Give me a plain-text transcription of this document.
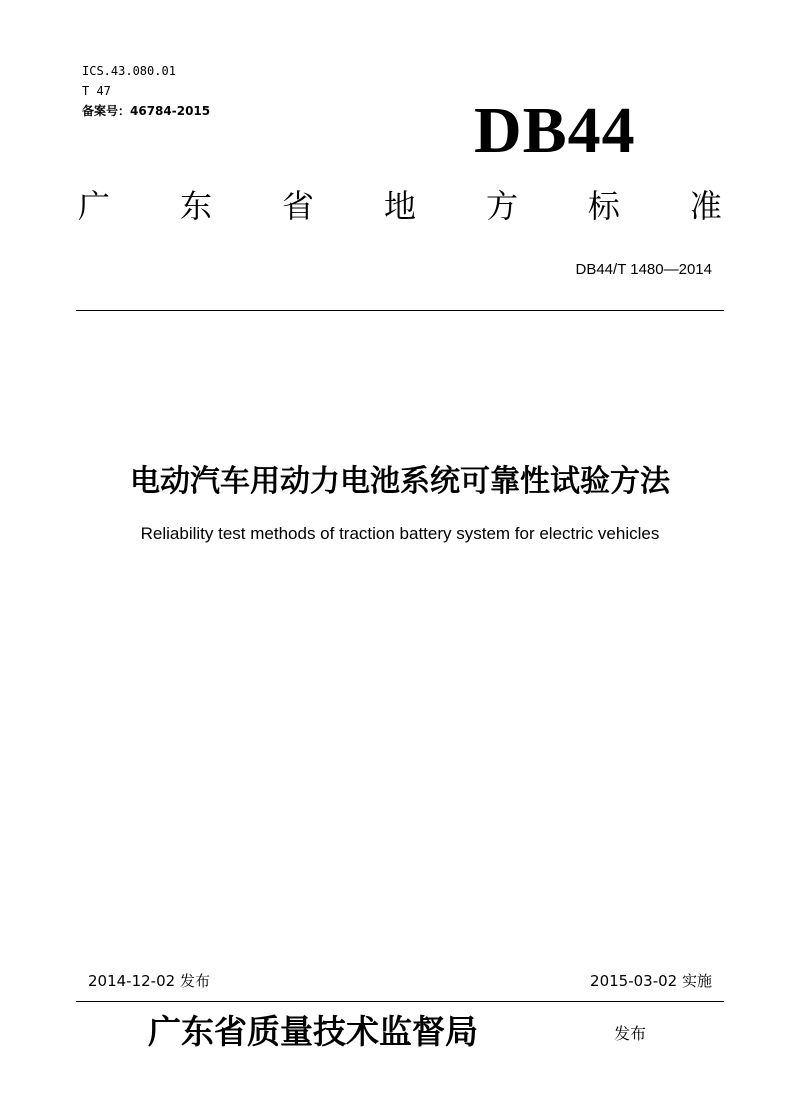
ICS.43.080.01
T 47
备案号：46784-2015	DB44
广 东 省 地 方 标 准
DB44/T 1480—2014
电动汽车用动力电池系统可靠性试验方法
Reliability test methods of traction battery system for electric vehicles
2014-12-02 发布	2015-03-02 实施
广东省质量技术监督局	发布
